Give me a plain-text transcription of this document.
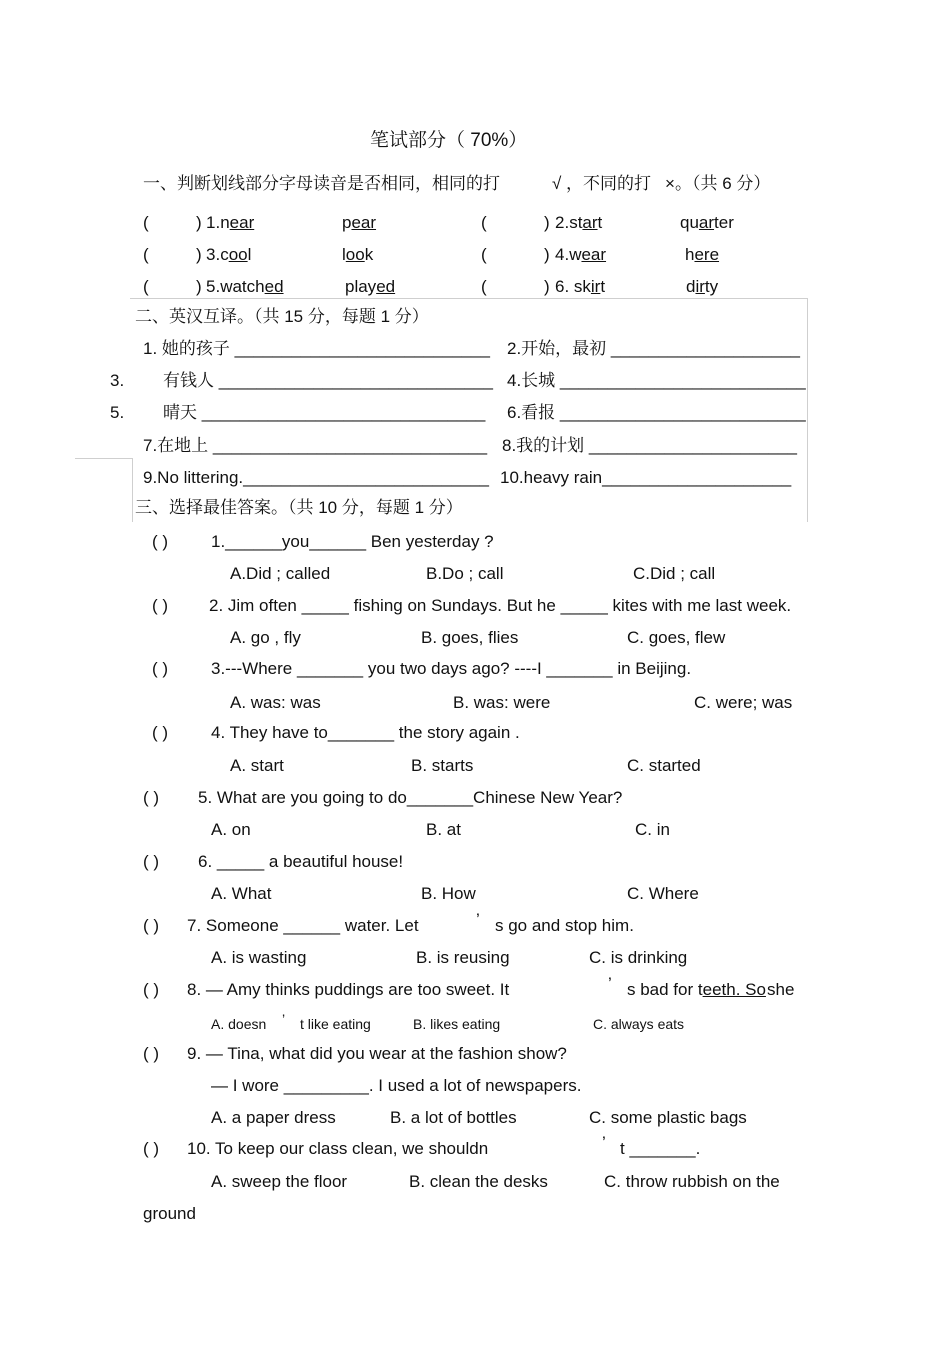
笔试部分（ 70%）
一、判断划线部分字母读音是否相同，相同的打	√ ，不同的打 × 。（共 6 分）
(	) 1.near	pear	(	) 2.start	quarter
(	) 3.cool	look	(	) 4.wear	here
(	) 5.watched	played	(	) 6. skirt	dirty
二、英汉互译。（共 15 分，每题 1 分）
1. 她的孩子 ___________________________ 2.开始，最初 ____________________
3. 有钱人 _____________________________ 4.长城 __________________________
5. 晴天 ______________________________ 6.看报 __________________________
7.在地上 _____________________________ 8.我的计划 ______________________
9.No littering.__________________________ 10.heavy rain____________________
三、选择最佳答案。（共 10 分，每题 1 分）
( )	1.______you______ Ben yesterday ?
A.Did ; called	B.Do ; call	C.Did ; call
( ) 2. Jim often _____ fishing on Sundays. But he _____ kites with me last week.
A. go , fly	B. goes, flies	C. goes, flew
( )	3.---Where _______ you two days ago? ----I _______ in Beijing.
A. was: was	B. was: were	C. were; was
( )	4. They have to_______ the story again .
A. start	B. starts	C. started
( ) 5. What are you going to do_______Chinese New Year?
A. on	B. at	C. in
( ) 6. _____ a beautiful house!
A. What	B. How	C. Where
( ) 7. Someone ______ water. Let	’ s go and stop him.
A. is wasting	B. is reusing	C. is drinking
( ) 8. — Amy thinks puddings are too sweet. It	’ s bad for teeth. So she
A. doesn ’ t like eating	B. likes eating	C. always eats
( ) 9. — Tina, what did you wear at the fashion show?
— I wore _________. I used a lot of newspapers.
A. a paper dress	B. a lot of bottles	C. some plastic bags
( ) 10. To keep our class clean, we shouldn	’ t _______.
A. sweep the floor	B. clean the desks	C. throw rubbish on the
ground
